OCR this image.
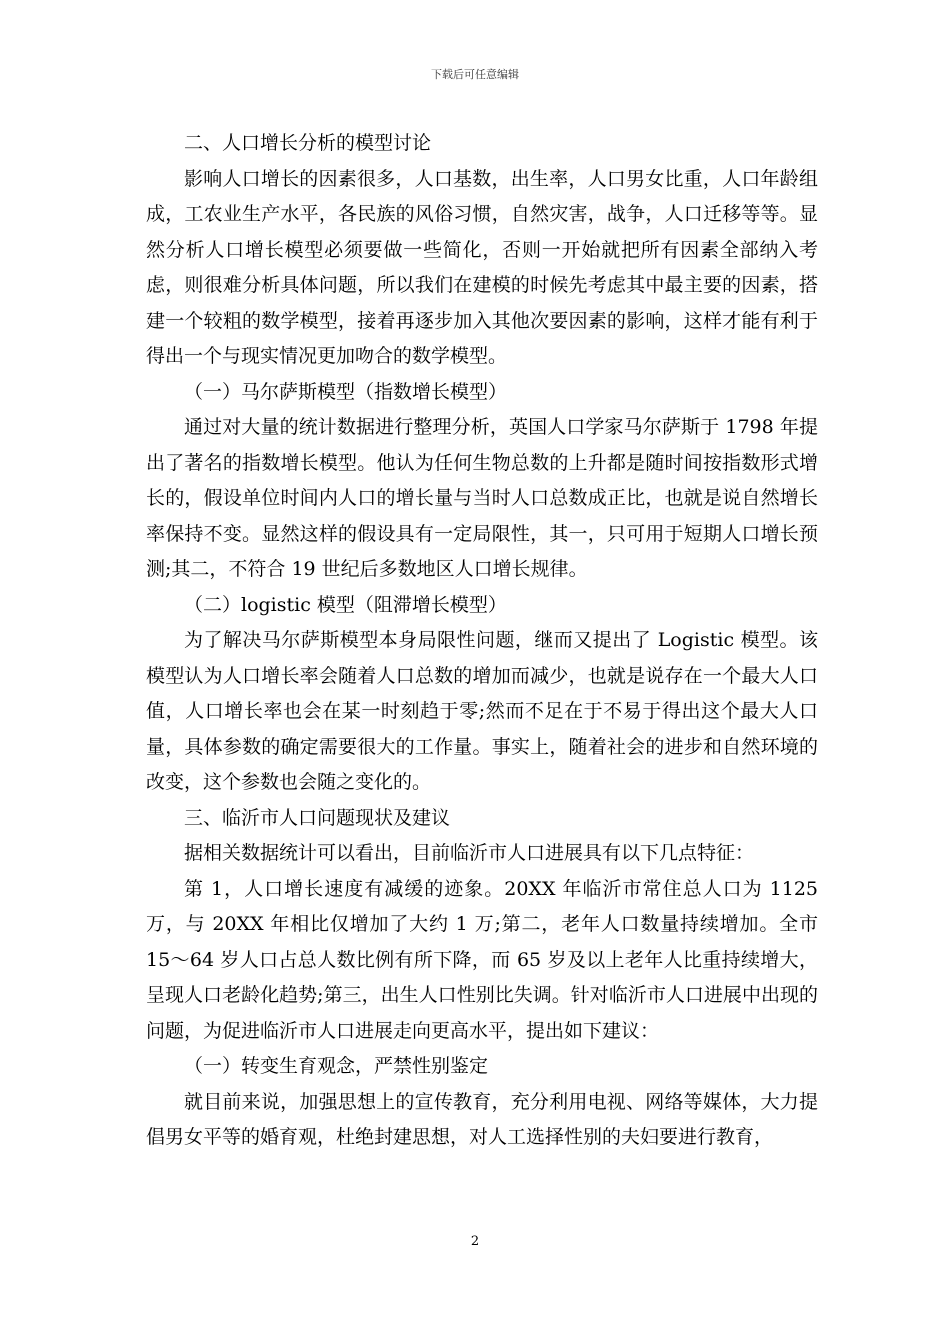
下载后可任意编辑

二、人口增长分析的模型讨论

影响人口增长的因素很多，人口基数，出生率，人口男女比重，人口年龄组成，工农业生产水平，各民族的风俗习惯，自然灾害，战争，人口迁移等等。显然分析人口增长模型必须要做一些简化，否则一开始就把所有因素全部纳入考虑，则很难分析具体问题，所以我们在建模的时候先考虑其中最主要的因素，搭建一个较粗的数学模型，接着再逐步加入其他次要因素的影响，这样才能有利于得出一个与现实情况更加吻合的数学模型。

（一）马尔萨斯模型（指数增长模型）

通过对大量的统计数据进行整理分析，英国人口学家马尔萨斯于 1798 年提出了著名的指数增长模型。他认为任何生物总数的上升都是随时间按指数形式增长的，假设单位时间内人口的增长量与当时人口总数成正比，也就是说自然增长率保持不变。显然这样的假设具有一定局限性，其一，只可用于短期人口增长预测;其二，不符合 19 世纪后多数地区人口增长规律。

（二）logistic 模型（阻滞增长模型）

为了解决马尔萨斯模型本身局限性问题，继而又提出了 Logistic 模型。该模型认为人口增长率会随着人口总数的增加而减少，也就是说存在一个最大人口值，人口增长率也会在某一时刻趋于零;然而不足在于不易于得出这个最大人口量，具体参数的确定需要很大的工作量。事实上，随着社会的进步和自然环境的改变，这个参数也会随之变化的。

三、临沂市人口问题现状及建议

据相关数据统计可以看出，目前临沂市人口进展具有以下几点特征：

第 1，人口增长速度有减缓的迹象。20XX 年临沂市常住总人口为 1125 万，与 20XX 年相比仅增加了大约 1 万;第二，老年人口数量持续增加。全市 15～64 岁人口占总人数比例有所下降，而 65 岁及以上老年人比重持续增大，呈现人口老龄化趋势;第三，出生人口性别比失调。针对临沂市人口进展中出现的问题，为促进临沂市人口进展走向更高水平，提出如下建议：

（一）转变生育观念，严禁性别鉴定

就目前来说，加强思想上的宣传教育，充分利用电视、网络等媒体，大力提倡男女平等的婚育观，杜绝封建思想，对人工选择性别的夫妇要进行教育，

2
